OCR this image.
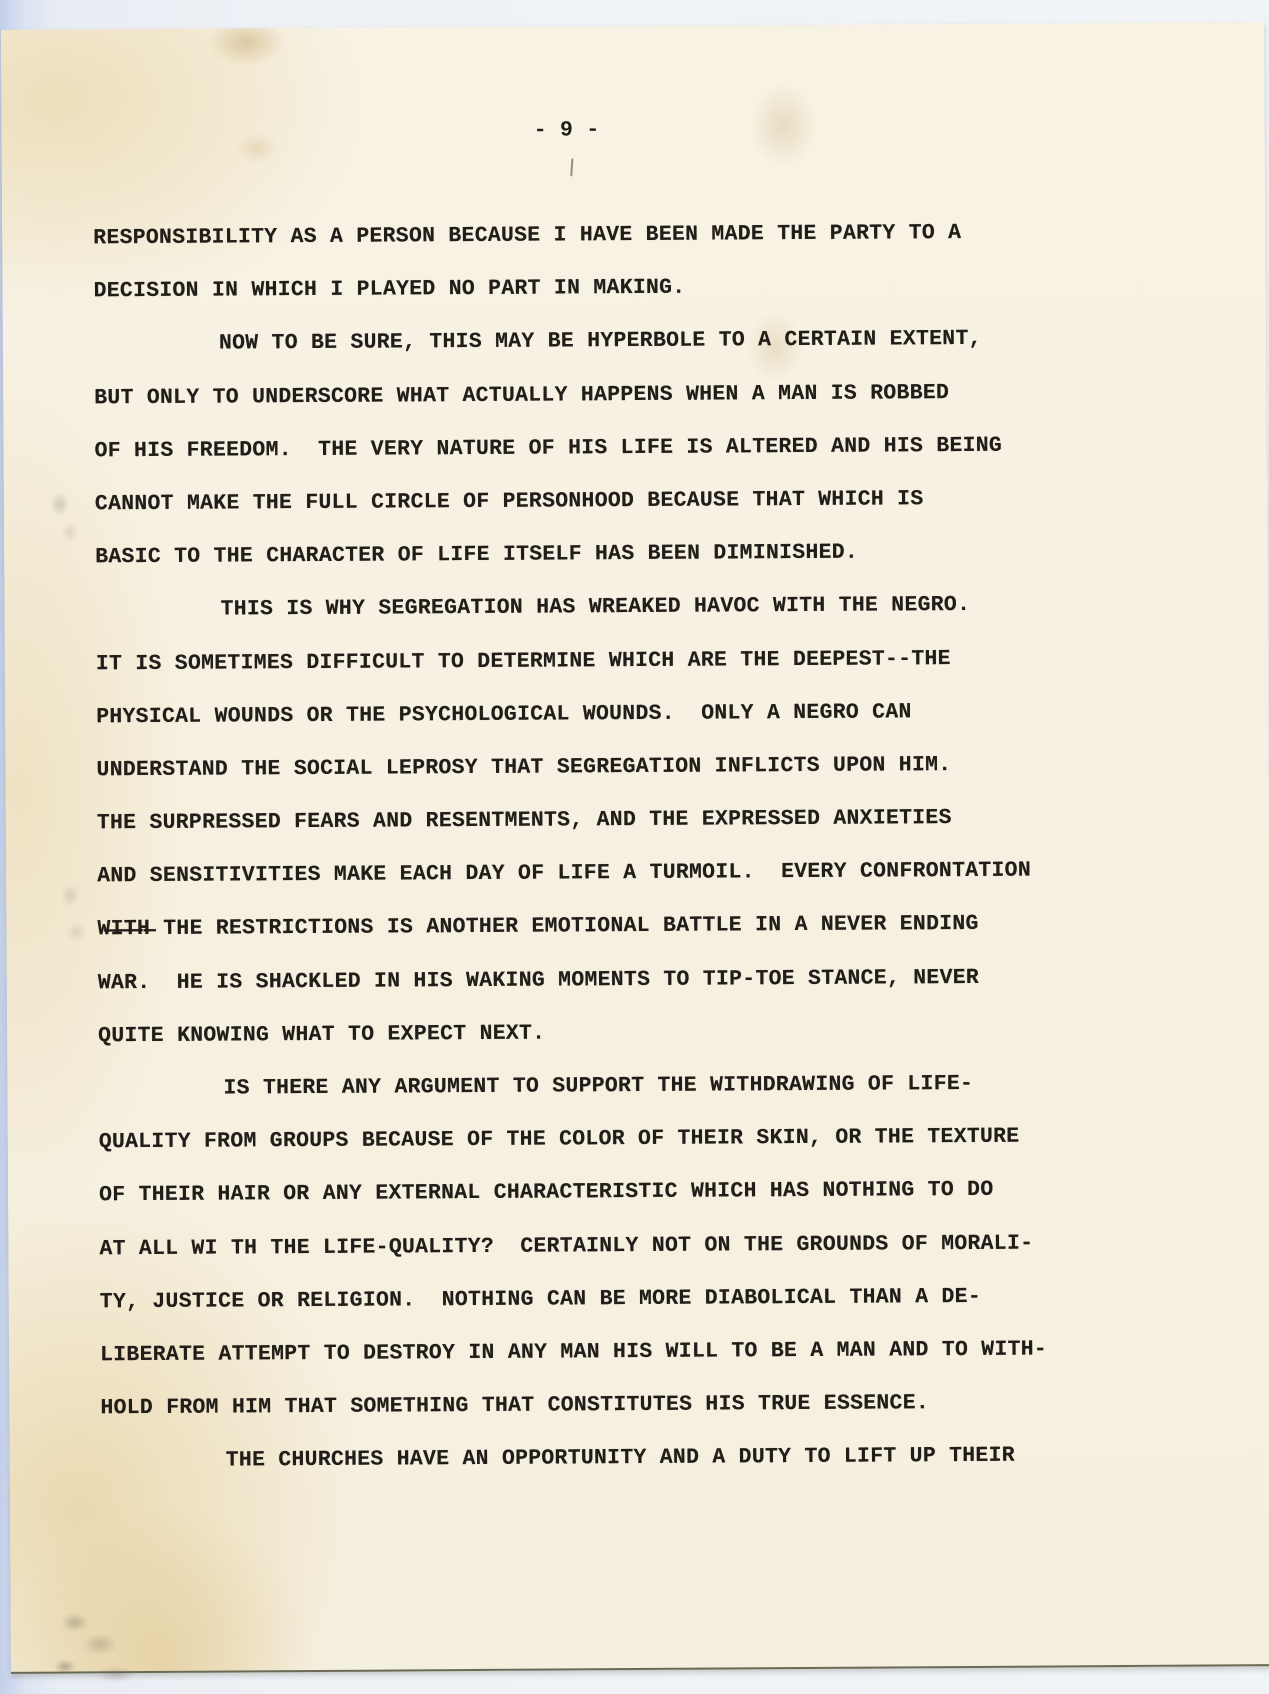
- 9 -
RESPONSIBILITY AS A PERSON BECAUSE I HAVE BEEN MADE THE PARTY TO A
DECISION IN WHICH I PLAYED NO PART IN MAKING.
NOW TO BE SURE, THIS MAY BE HYPERBOLE TO A CERTAIN EXTENT,
BUT ONLY TO UNDERSCORE WHAT ACTUALLY HAPPENS WHEN A MAN IS ROBBED
OF HIS FREEDOM.  THE VERY NATURE OF HIS LIFE IS ALTERED AND HIS BEING
CANNOT MAKE THE FULL CIRCLE OF PERSONHOOD BECAUSE THAT WHICH IS
BASIC TO THE CHARACTER OF LIFE ITSELF HAS BEEN DIMINISHED.
THIS IS WHY SEGREGATION HAS WREAKED HAVOC WITH THE NEGRO.
IT IS SOMETIMES DIFFICULT TO DETERMINE WHICH ARE THE DEEPEST--THE
PHYSICAL WOUNDS OR THE PSYCHOLOGICAL WOUNDS.  ONLY A NEGRO CAN
UNDERSTAND THE SOCIAL LEPROSY THAT SEGREGATION INFLICTS UPON HIM.
THE SURPRESSED FEARS AND RESENTMENTS, AND THE EXPRESSED ANXIETIES
AND SENSITIVITIES MAKE EACH DAY OF LIFE A TURMOIL.  EVERY CONFRONTATION
W̶I̶T̶H̶ THE RESTRICTIONS IS ANOTHER EMOTIONAL BATTLE IN A NEVER ENDING
WAR.  HE IS SHACKLED IN HIS WAKING MOMENTS TO TIP-TOE STANCE, NEVER
QUITE KNOWING WHAT TO EXPECT NEXT.
IS THERE ANY ARGUMENT TO SUPPORT THE WITHDRAWING OF LIFE-
QUALITY FROM GROUPS BECAUSE OF THE COLOR OF THEIR SKIN, OR THE TEXTURE
OF THEIR HAIR OR ANY EXTERNAL CHARACTERISTIC WHICH HAS NOTHING TO DO
AT ALL WI TH THE LIFE-QUALITY?  CERTAINLY NOT ON THE GROUNDS OF MORALI-
TY, JUSTICE OR RELIGION.  NOTHING CAN BE MORE DIABOLICAL THAN A DE-
LIBERATE ATTEMPT TO DESTROY IN ANY MAN HIS WILL TO BE A MAN AND TO WITH-
HOLD FROM HIM THAT SOMETHING THAT CONSTITUTES HIS TRUE ESSENCE.
THE CHURCHES HAVE AN OPPORTUNITY AND A DUTY TO LIFT UP THEIR
